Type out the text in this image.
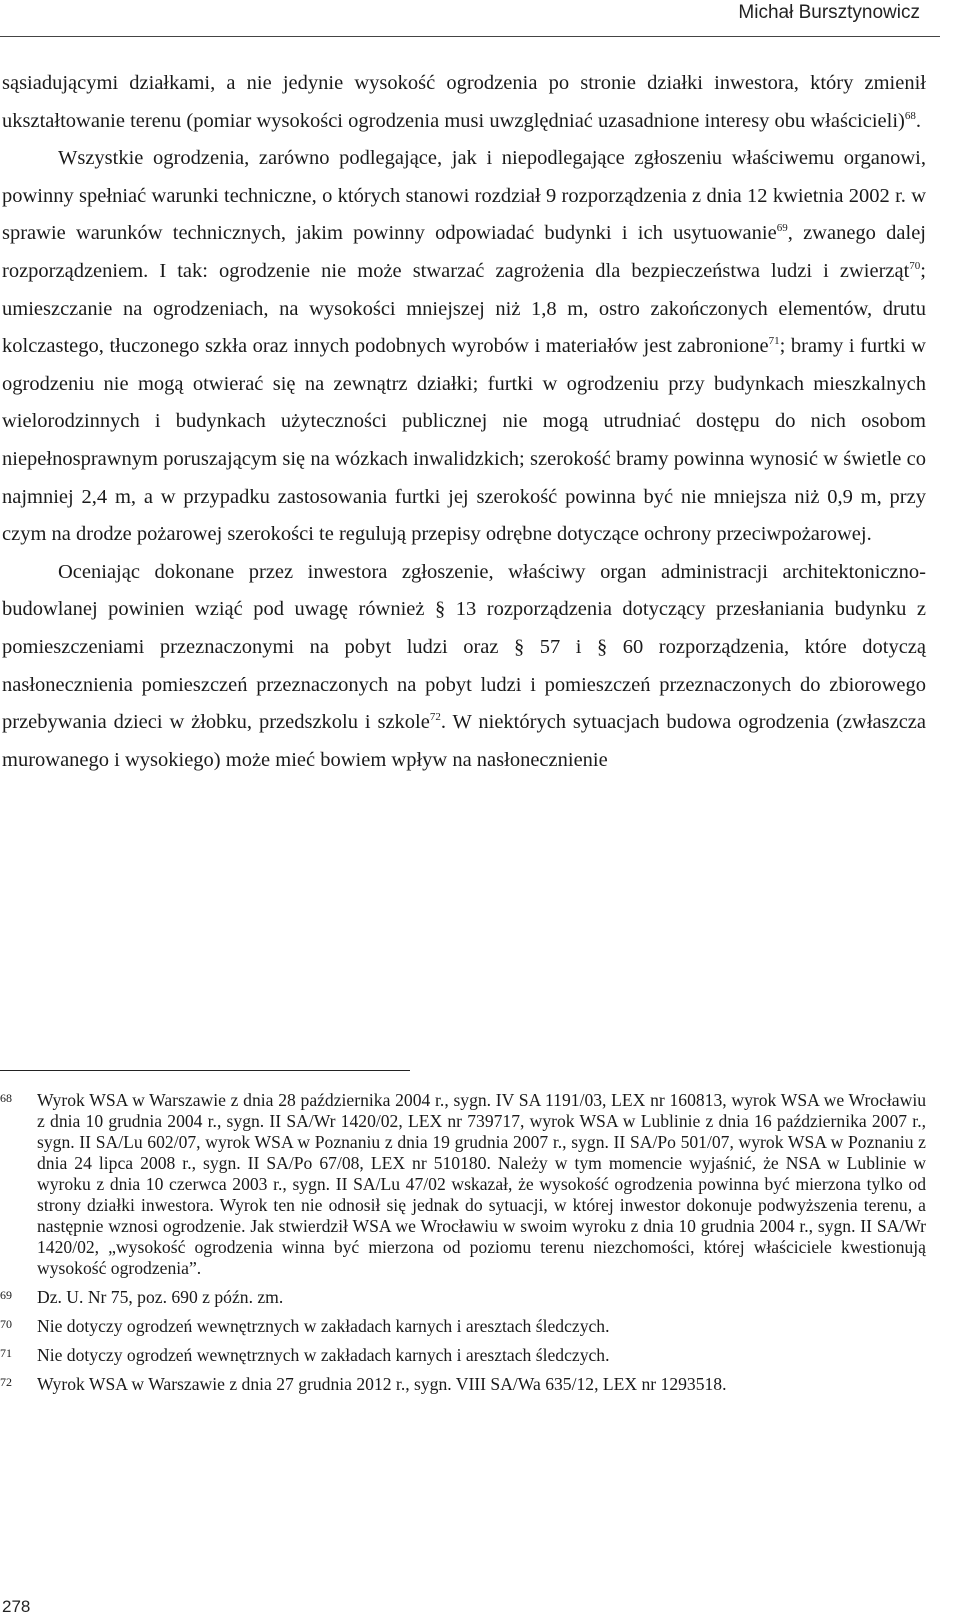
Michał Bursztynowicz

sąsiadującymi działkami, a nie jedynie wysokość ogrodzenia po stronie działki inwestora, który zmienił ukształtowanie terenu (pomiar wysokości ogrodzenia musi uwzględniać uzasadnione interesy obu właścicieli)$^{68}$.

Wszystkie ogrodzenia, zarówno podlegające, jak i niepodlegające zgłoszeniu właściwemu organowi, powinny spełniać warunki techniczne, o których stanowi rozdział 9 rozporządzenia z dnia 12 kwietnia 2002 r. w sprawie warunków technicznych, jakim powinny odpowiadać budynki i ich usytuowanie$^{69}$, zwanego dalej rozporządzeniem. I tak: ogrodzenie nie może stwarzać zagrożenia dla bezpieczeństwa ludzi i zwierząt$^{70}$; umieszczanie na ogrodzeniach, na wysokości mniejszej niż 1,8 m, ostro zakończonych elementów, drutu kolczastego, tłuczonego szkła oraz innych podobnych wyrobów i materiałów jest zabronione$^{71}$; bramy i furtki w ogrodzeniu nie mogą otwierać się na zewnątrz działki; furtki w ogrodzeniu przy budynkach mieszkalnych wielorodzinnych i budynkach użyteczności publicznej nie mogą utrudniać dostępu do nich osobom niepełnosprawnym poruszającym się na wózkach inwalidzkich; szerokość bramy powinna wynosić w świetle co najmniej 2,4 m, a w przypadku zastosowania furtki jej szerokość powinna być nie mniejsza niż 0,9 m, przy czym na drodze pożarowej szerokości te regulują przepisy odrębne dotyczące ochrony przeciwpożarowej.

Oceniając dokonane przez inwestora zgłoszenie, właściwy organ administracji architektoniczno-budowlanej powinien wziąć pod uwagę również § 13 rozporządzenia dotyczący przesłaniania budynku z pomieszczeniami przeznaczonymi na pobyt ludzi oraz § 57 i § 60 rozporządzenia, które dotyczą nasłonecznienia pomieszczeń przeznaczonych na pobyt ludzi i pomieszczeń przeznaczonych do zbiorowego przebywania dzieci w żłobku, przedszkolu i szkole$^{72}$. W niektórych sytuacjach budowa ogrodzenia (zwłaszcza murowanego i wysokiego) może mieć bowiem wpływ na nasłonecznienie

68 Wyrok WSA w Warszawie z dnia 28 października 2004 r., sygn. IV SA 1191/03, LEX nr 160813, wyrok WSA we Wrocławiu z dnia 10 grudnia 2004 r., sygn. II SA/Wr 1420/02, LEX nr 739717, wyrok WSA w Lublinie z dnia 16 października 2007 r., sygn. II SA/Lu 602/07, wyrok WSA w Poznaniu z dnia 19 grudnia 2007 r., sygn. II SA/Po 501/07, wyrok WSA w Poznaniu z dnia 24 lipca 2008 r., sygn. II SA/Po 67/08, LEX nr 510180. Należy w tym momencie wyjaśnić, że NSA w Lublinie w wyroku z dnia 10 czerwca 2003 r., sygn. II SA/Lu 47/02 wskazał, że wysokość ogrodzenia powinna być mierzona tylko od strony działki inwestora. Wyrok ten nie odnosił się jednak do sytuacji, w której inwestor dokonuje podwyższenia terenu, a następnie wznosi ogrodzenie. Jak stwierdził WSA we Wrocławiu w swoim wyroku z dnia 10 grudnia 2004 r., sygn. II SA/Wr 1420/02, „wysokość ogrodzenia winna być mierzona od poziomu terenu niezchomości, której właściciele kwestionują wysokość ogrodzenia”.
69 Dz. U. Nr 75, poz. 690 z późn. zm.
70 Nie dotyczy ogrodzeń wewnętrznych w zakładach karnych i aresztach śledczych.
71 Nie dotyczy ogrodzeń wewnętrznych w zakładach karnych i aresztach śledczych.
72 Wyrok WSA w Warszawie z dnia 27 grudnia 2012 r., sygn. VIII SA/Wa 635/12, LEX nr 1293518.
278
